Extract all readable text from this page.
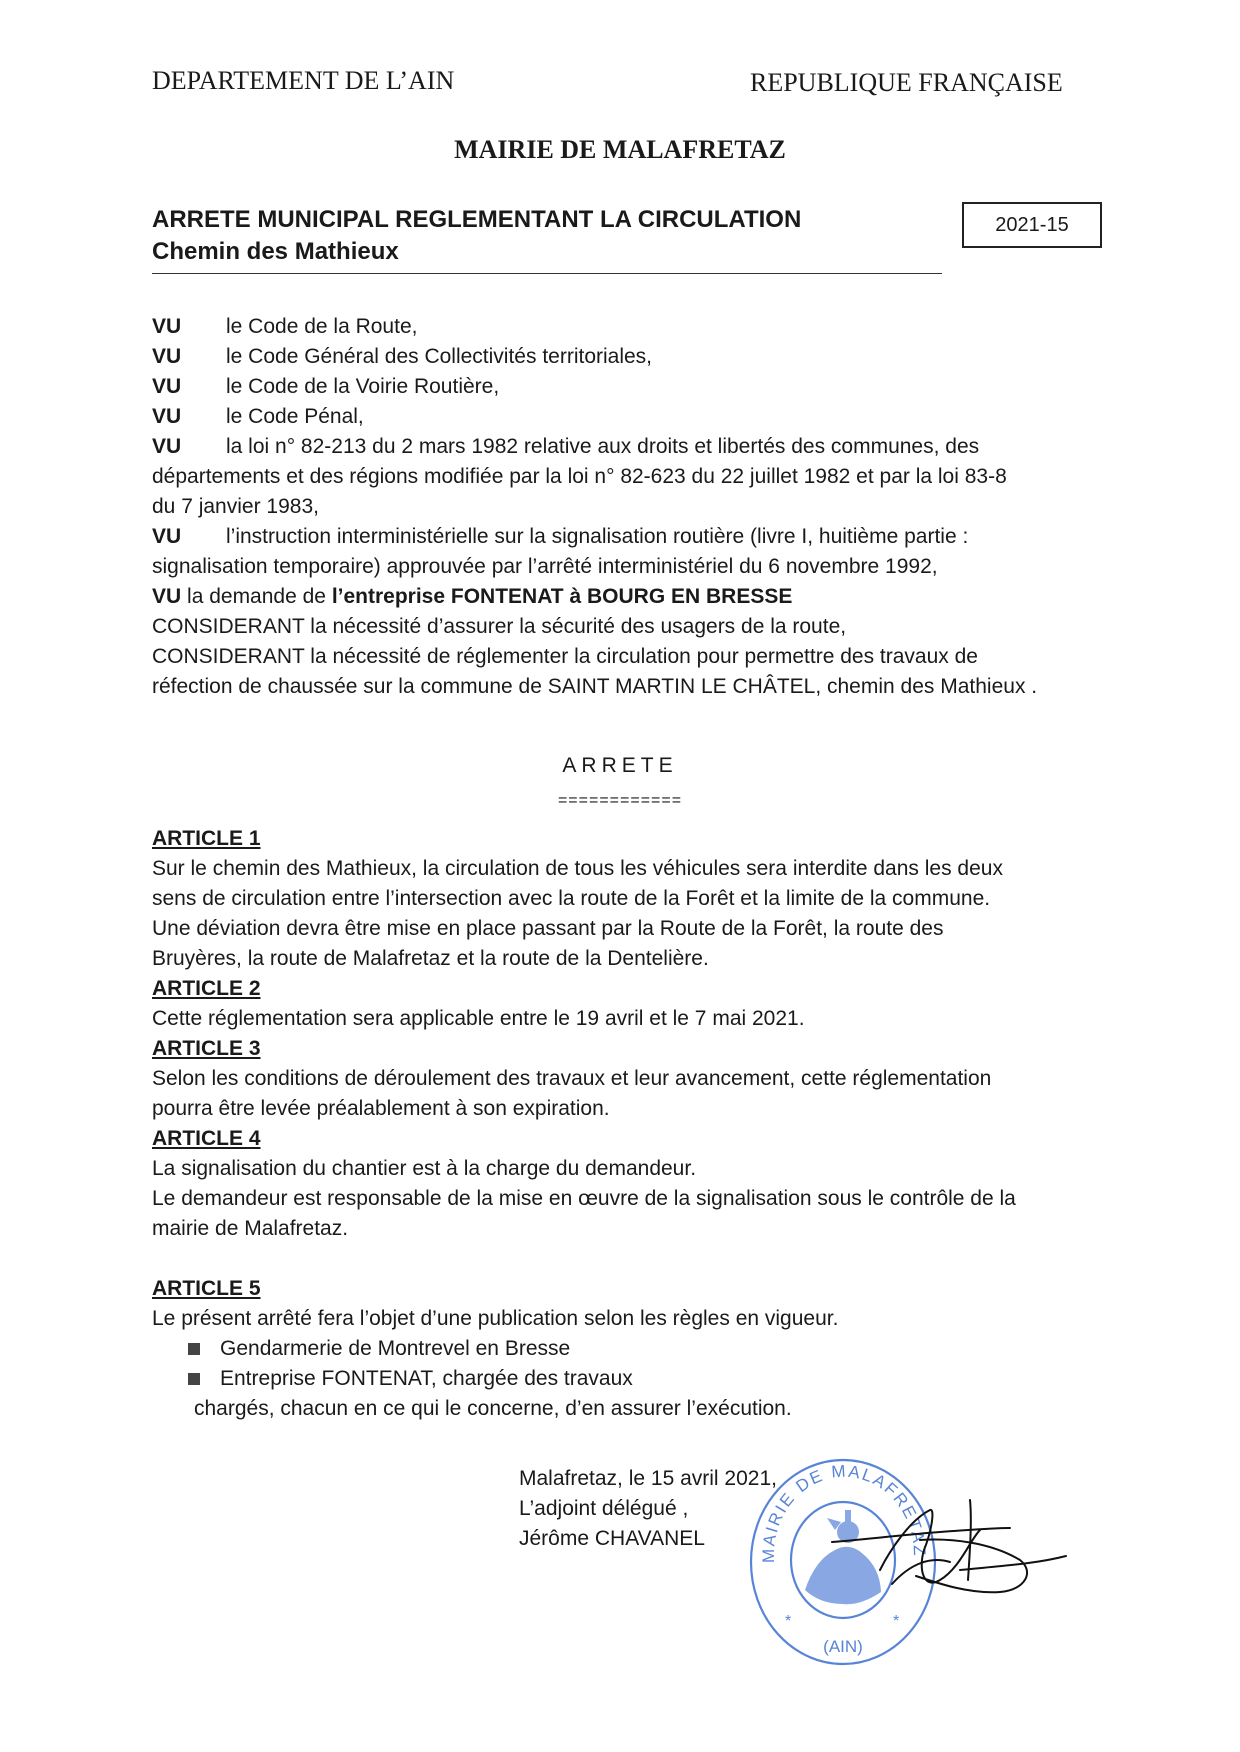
DEPARTEMENT DE L’AIN	REPUBLIQUE FRANÇAISE
MAIRIE DE MALAFRETAZ
ARRETE MUNICIPAL REGLEMENTANT LA CIRCULATION
Chemin des Mathieux
2021-15
VU	le Code de la Route,
VU	le Code Général des Collectivités territoriales,
VU	le Code de la Voirie Routière,
VU	le Code Pénal,
VU	la loi n° 82-213 du 2 mars 1982 relative aux droits et libertés des communes, des
départements et des régions modifiée par la loi n° 82-623 du 22 juillet 1982 et par la loi 83-8
du 7 janvier 1983,
VU	l’instruction interministérielle sur la signalisation routière (livre I, huitième partie :
signalisation temporaire) approuvée par l’arrêté interministériel du 6 novembre 1992,
VU la demande de l’entreprise FONTENAT à BOURG EN BRESSE
CONSIDERANT la nécessité d’assurer la sécurité des usagers de la route,
CONSIDERANT la nécessité de réglementer la circulation pour permettre des travaux de
réfection de chaussée sur la commune de SAINT MARTIN LE CHÂTEL, chemin des Mathieux .
ARRETE
============
ARTICLE 1
Sur le chemin des Mathieux, la circulation de tous les véhicules sera interdite dans les deux
sens de circulation entre l’intersection avec la route de la Forêt et la limite de la commune.
Une déviation devra être mise en place passant par la Route de la Forêt, la route des
Bruyères, la route de Malafretaz et la route de la Dentelière.
ARTICLE 2
Cette réglementation sera applicable entre le 19 avril et le 7 mai 2021.
ARTICLE 3
Selon les conditions de déroulement des travaux et leur avancement, cette réglementation
pourra être levée préalablement à son expiration.
ARTICLE 4
La signalisation du chantier est à la charge du demandeur.
Le demandeur est responsable de la mise en œuvre de la signalisation sous le contrôle de la
mairie de Malafretaz.
ARTICLE 5
Le présent arrêté fera l’objet d’une publication selon les règles en vigueur.
Gendarmerie de Montrevel en Bresse
Entreprise FONTENAT, chargée des travaux
chargés, chacun en ce qui le concerne, d’en assurer l’exécution.
Malafretaz, le 15 avril 2021,
L’adjoint délégué ,
Jérôme CHAVANEL
MAIRIE DE MALAFRETAZ
(AIN)
*	*
